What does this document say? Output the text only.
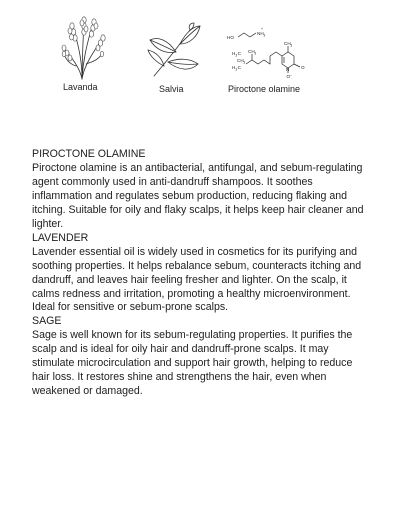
Lavanda	Salvia
HO
NH 3
+
CH 3
H 3 C
H 3 C
CH 3
CH 3
N	O
O −
Piroctone olamine
PIROCTONE OLAMINE

Piroctone olamine is an antibacterial, antifungal, and sebum-regulating agent commonly used in anti-dandruff shampoos. It soothes inflammation and regulates sebum production, reducing flaking and itching. Suitable for oily and flaky scalps, it helps keep hair cleaner and lighter.

LAVENDER

Lavender essential oil is widely used in cosmetics for its purifying and soothing properties. It helps rebalance sebum, counteracts itching and dandruff, and leaves hair feeling fresher and lighter. On the scalp, it calms redness and irritation, promoting a healthy microenvironment. Ideal for sensitive or sebum-prone scalps.

SAGE

Sage is well known for its sebum-regulating properties. It purifies the scalp and is ideal for oily hair and dandruff-prone scalps. It may stimulate microcirculation and support hair growth, helping to reduce hair loss. It restores shine and strengthens the hair, even when weakened or damaged.
